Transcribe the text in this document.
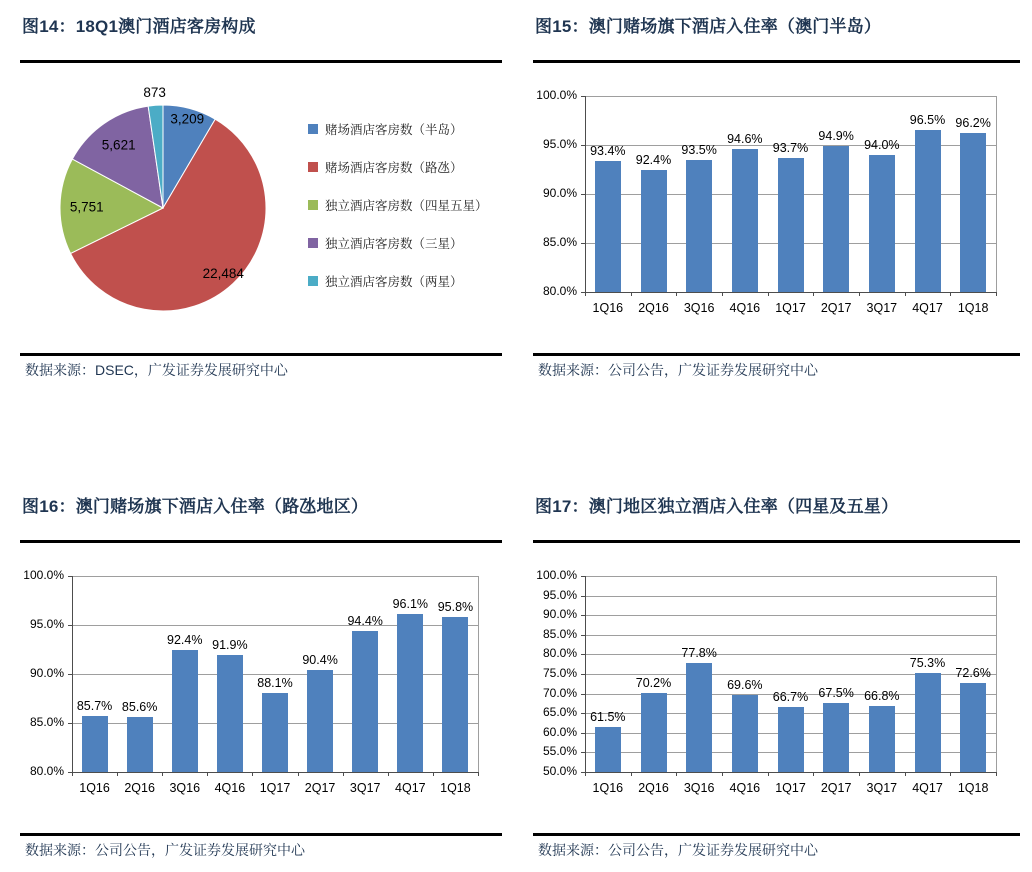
图14：18Q1澳门酒店客房构成
3,209
22,484
5,751
5,621
873
赌场酒店客房数（半岛）
赌场酒店客房数（路氹）
独立酒店客房数（四星五星）
独立酒店客房数（三星）
独立酒店客房数（两星）

数据来源：DSEC，广发证券发展研究中心

图15：澳门赌场旗下酒店入住率（澳门半岛）
100.0%
95.0%
90.0%
85.0%
80.0%
93.4%
1Q16
92.4%
2Q16
93.5%
3Q16
94.6%
4Q16
93.7%
1Q17
94.9%
2Q17
94.0%
3Q17
96.5%
4Q17
96.2%
1Q18

数据来源：公司公告，广发证券发展研究中心

图16：澳门赌场旗下酒店入住率（路氹地区）
100.0%
95.0%
90.0%
85.0%
80.0%
85.7%
1Q16
85.6%
2Q16
92.4%
3Q16
91.9%
4Q16
88.1%
1Q17
90.4%
2Q17
94.4%
3Q17
96.1%
4Q17
95.8%
1Q18

数据来源：公司公告，广发证券发展研究中心

图17：澳门地区独立酒店入住率（四星及五星）
100.0%
95.0%
90.0%
85.0%
80.0%
75.0%
70.0%
65.0%
60.0%
55.0%
50.0%
61.5%
1Q16
70.2%
2Q16
77.8%
3Q16
69.6%
4Q16
66.7%
1Q17
67.5%
2Q17
66.8%
3Q17
75.3%
4Q17
72.6%
1Q18

数据来源：公司公告，广发证券发展研究中心
